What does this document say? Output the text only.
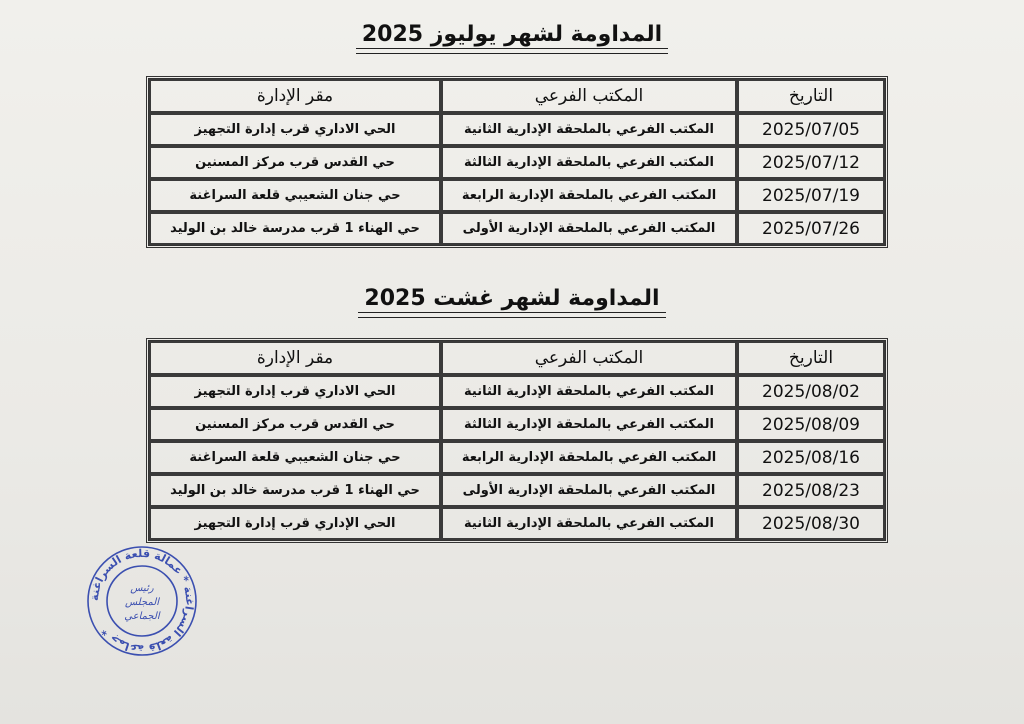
المداومة لشهر يوليوز 2025
التاريخ	المكتب الفرعي	مقر الإدارة
2025/07/05	المكتب الفرعي بالملحقة الإدارية الثانية	الحي الاداري قرب إدارة التجهيز
2025/07/12	المكتب الفرعي بالملحقة الإدارية الثالثة	حي القدس قرب مركز المسنين
2025/07/19	المكتب الفرعي بالملحقة الإدارية الرابعة	حي جنان الشعيبي قلعة السراغنة
2025/07/26	المكتب الفرعي بالملحقة الإدارية الأولى	حي الهناء 1 قرب مدرسة خالد بن الوليد
المداومة لشهر غشت 2025
التاريخ	المكتب الفرعي	مقر الإدارة
2025/08/02	المكتب الفرعي بالملحقة الإدارية الثانية	الحي الاداري قرب إدارة التجهيز
2025/08/09	المكتب الفرعي بالملحقة الإدارية الثالثة	حي القدس قرب مركز المسنين
2025/08/16	المكتب الفرعي بالملحقة الإدارية الرابعة	حي جنان الشعيبي قلعة السراغنة
2025/08/23	المكتب الفرعي بالملحقة الإدارية الأولى	حي الهناء 1 قرب مدرسة خالد بن الوليد
2025/08/30	المكتب الفرعي بالملحقة الإدارية الثانية	الحي الإداري قرب إدارة التجهيز
جماعة قلعة السراغنة * عمالة قلعة السراغنة *
رئيس
المجلس
الجماعي
